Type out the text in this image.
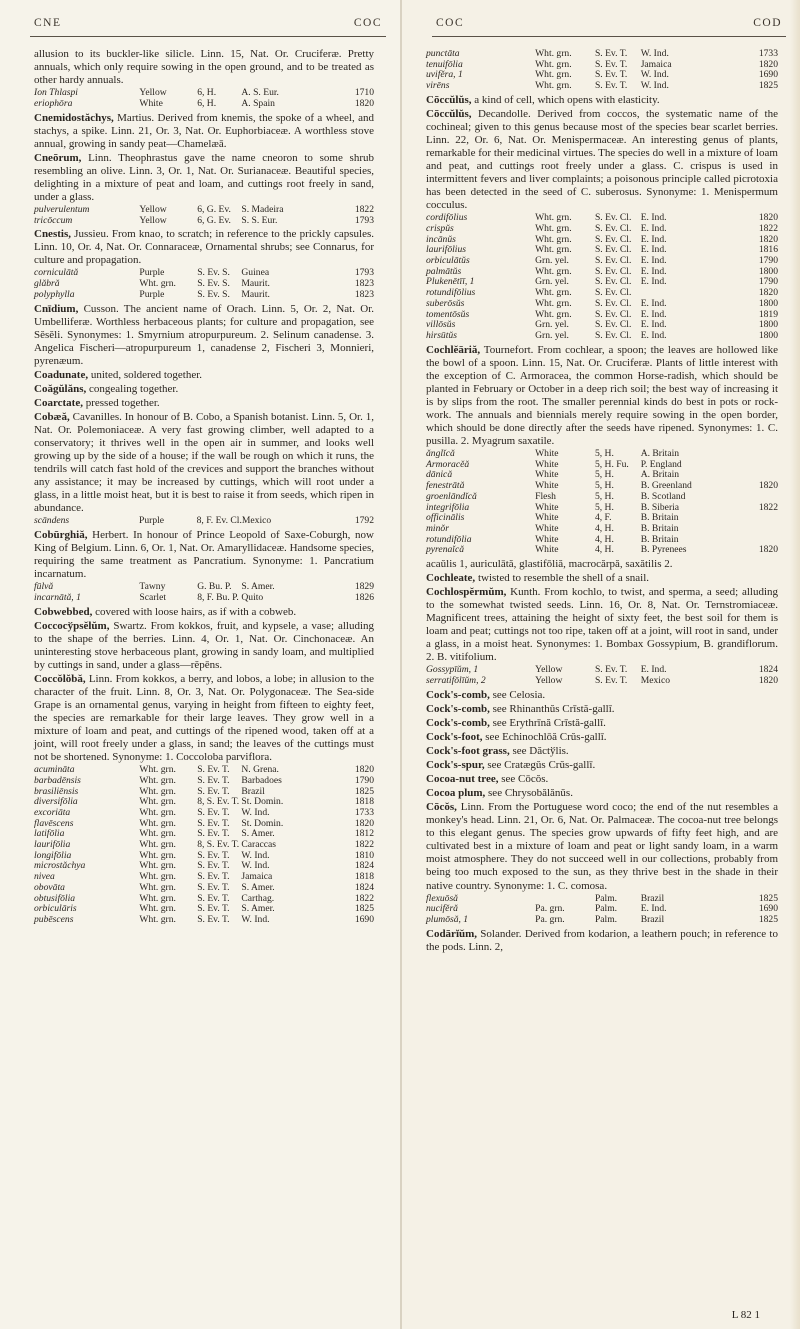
CNE	COC

allusion to its buckler-like silicle. Linn. 15, Nat. Or. Cruciferæ. Pretty annuals, which only require sowing in the open ground, and to be treated as other hardy annuals.

Ion Thlaspi	Yellow	6, H.	A. S. Eur.	1710
eriophōra	White	6, H.	A. Spain	1820

Cnemidostăchys, Martius. Derived from knemis, the spoke of a wheel, and stachys, a spike. Linn. 21, Or. 3, Nat. Or. Euphorbiaceæ. A worthless stove annual, growing in sandy peat—Chamelæā.

Cneōrum, Linn. Theophrastus gave the name cneoron to some shrub resembling an olive. Linn. 3, Or. 1, Nat. Or. Surianaceæ. Beautiful species, delighting in a mixture of peat and loam, and cuttings root freely in sand, under a glass.

pulverulentum	Yellow	6, G. Ev.	S. Madeira	1822
tricōccum	Yellow	6, G. Ev.	S. S. Eur.	1793

Cnestis, Jussieu. From knao, to scratch; in reference to the prickly capsules. Linn. 10, Or. 4, Nat. Or. Connaraceæ, Ornamental shrubs; see Connarus, for culture and propagation.

corniculātă	Purple	S. Ev. S.	Guinea	1793
glăbră	Wht. grn.	S. Ev. S.	Maurit.	1823
polyphylla	Purple	S. Ev. S.	Maurit.	1823

Cnīdium, Cusson. The ancient name of Orach. Linn. 5, Or. 2, Nat. Or. Umbelliferæ. Worthless herbaceous plants; for culture and propagation, see Sĕsĕli. Synonymes: 1. Smyrnium atropurpureum. 2. Selinum canadense. 3. Angelica Fischeri—atropurpureum 1, canadense 2, Fischeri 3, Monnieri, pyrenæum.

Coadunate, united, soldered together.

Coăgŭlăns, congealing together.

Coarctate, pressed together.

Cobæă, Cavanilles. In honour of B. Cobo, a Spanish botanist. Linn. 5, Or. 1, Nat. Or. Polemoniaceæ. A very fast growing climber, well adapted to a conservatory; it thrives well in the open air in summer, and looks well growing up by the side of a house; if the wall be rough on which it runs, the tendrils will catch fast hold of the crevices and support the branches without any assistance; it may be increased by cuttings, which will root under a glass, in a little moist heat, but it is best to raise it from seeds, which ripen in abundance.

scāndens	Purple	8, F. Ev. Cl.	Mexico	1792

Cobūrghiă, Herbert. In honour of Prince Leopold of Saxe-Coburgh, now King of Belgium. Linn. 6, Or. 1, Nat. Or. Amaryllidaceæ. Handsome species, requiring the same treatment as Pancratium. Synonyme: 1. Pancratium incarnatum.

fūlvă	Tawny	G. Bu. P.	S. Amer.	1829
incarnātă, 1	Scarlet	8, F. Bu. P.	Quito	1826

Cobwebbed, covered with loose hairs, as if with a cobweb.

Coccocўpsĕlŭm, Swartz. From kokkos, fruit, and kypsele, a vase; alluding to the shape of the berries. Linn. 4, Or. 1, Nat. Or. Cinchonaceæ. An uninteresting stove herbaceous plant, growing in sandy loam, and multiplied by cuttings in sand, under a glass—rĕpēns.

Coccŏlŏbă, Linn. From kokkos, a berry, and lobos, a lobe; in allusion to the character of the fruit. Linn. 8, Or. 3, Nat. Or. Polygonaceæ. The Sea-side Grape is an ornamental genus, varying in height from fifteen to eighty feet, the species are remarkable for their large leaves. They grow well in a mixture of loam and peat, and cuttings of the ripened wood, taken off at a joint, will root freely under a glass, in sand; the leaves of the cuttings must not be shortened. Synonyme: 1. Coccoloba parviflora.

acumināta	Wht. grn.	S. Ev. T.	N. Grena.	1820
barbadēnsis	Wht. grn.	S. Ev. T.	Barbadoes	1790
brasiliēnsis	Wht. grn.	S. Ev. T.	Brazil	1825
diversifōlia	Wht. grn.	8, S. Ev. T.	St. Domin.	1818
excoriāta	Wht. grn.	S. Ev. T.	W. Ind.	1733
flavēscens	Wht. grn.	S. Ev. T.	St. Domin.	1820
latifōlia	Wht. grn.	S. Ev. T.	S. Amer.	1812
laurifōlia	Wht. grn.	8, S. Ev. T.	Caraccas	1822
longifōlia	Wht. grn.	S. Ev. T.	W. Ind.	1810
microstăchya	Wht. grn.	S. Ev. T.	W. Ind.	1824
nivea	Wht. grn.	S. Ev. T.	Jamaica	1818
obovāta	Wht. grn.	S. Ev. T.	S. Amer.	1824
obtusifōlia	Wht. grn.	S. Ev. T.	Carthag.	1822
orbiculāris	Wht. grn.	S. Ev. T.	S. Amer.	1825
pubēscens	Wht. grn.	S. Ev. T.	W. Ind.	1690
COC	COD
punctāta	Wht. grn.	S. Ev. T.	W. Ind.	1733
tenuifōlia	Wht. grn.	S. Ev. T.	Jamaica	1820
uvifĕra, 1	Wht. grn.	S. Ev. T.	W. Ind.	1690
virēns	Wht. grn.	S. Ev. T.	W. Ind.	1825

Cōccŭlŭs, a kind of cell, which opens with elasticity.

Cōccŭlŭs, Decandolle. Derived from coccos, the systematic name of the cochineal; given to this genus because most of the species bear scarlet berries. Linn. 22, Or. 6, Nat. Or. Menispermaceæ. An interesting genus of plants, remarkable for their medicinal virtues. The species do well in a mixture of loam and peat, and cuttings root freely under a glass. C. crispus is used in intermittent fevers and liver complaints; a poisonous principle called picrotoxia has been detected in the seed of C. suberosus. Synonyme: 1. Menispermum cocculus.

cordifōlius	Wht. grn.	S. Ev. Cl.	E. Ind.	1820
crispŭs	Wht. grn.	S. Ev. Cl.	E. Ind.	1822
incānŭs	Wht. grn.	S. Ev. Cl.	E. Ind.	1820
laurifōlius	Wht. grn.	S. Ev. Cl.	E. Ind.	1816
orbiculātŭs	Grn. yel.	S. Ev. Cl.	E. Ind.	1790
palmātŭs	Wht. grn.	S. Ev. Cl.	E. Ind.	1800
Plukenētīī, 1	Grn. yel.	S. Ev. Cl.	E. Ind.	1790
rotundifōlius	Wht. grn.	S. Ev. Cl.		1820
suberōsŭs	Wht. grn.	S. Ev. Cl.	E. Ind.	1800
tomentōsŭs	Wht. grn.	S. Ev. Cl.	E. Ind.	1819
villōsŭs	Grn. yel.	S. Ev. Cl.	E. Ind.	1800
hirsūtŭs	Grn. yel.	S. Ev. Cl.	E. Ind.	1800

Cochlĕāriă, Tournefort. From cochlear, a spoon; the leaves are hollowed like the bowl of a spoon. Linn. 15, Nat. Or. Cruciferæ. Plants of little interest with the exception of C. Armoracea, the common Horse-radish, which should be planted in February or October in a deep rich soil; the best way of increasing it is by slips from the root. The smaller perennial kinds do best in pots or rock-work. The annuals and biennials merely require sowing in the open border, which should be done directly after the seeds have ripened. Synonymes: 1. C. pusilla. 2. Myagrum saxatile.

ănglĭcă	White	5, H.	A. Britain	
Armoracĕă	White	5, H. Fu.	P. England	
dānică	White	5, H.	A. Britain	
fenestrātă	White	5, H.	B. Greenland	1820
groenlāndĭcă	Flesh	5, H.	B. Scotland	
integrifōlia	White	5, H.	B. Siberia	1822
officinālis	White	4, F.	B. Britain	
minŏr	White	4, H.	B. Britain	
rotundifōlia	White	4, H.	B. Britain	
pyrenaĭcă	White	4, H.	B. Pyrenees	1820

acaŭlis 1, auriculātă, glastifōliă, macrocărpă, saxătilis 2.

Cochleate, twisted to resemble the shell of a snail.

Cochlospĕrmŭm, Kunth. From kochlo, to twist, and sperma, a seed; alluding to the somewhat twisted seeds. Linn. 16, Or. 8, Nat. Or. Ternstromiaceæ. Magnificent trees, attaining the height of sixty feet, the best soil for them is loam and peat; cuttings not too ripe, taken off at a joint, will root in sand, under a glass, in a moist heat. Synonymes: 1. Bombax Gossypium, B. grandiflorum. 2. B. vitifolium.

Gossypīŭm, 1	Yellow	S. Ev. T.	E. Ind.	1824
serratifōlīŭm, 2	Yellow	S. Ev. T.	Mexico	1820

Cock's-comb, see Celosia.

Cock's-comb, see Rhinanthŭs Crīstă-gallī.

Cock's-comb, see Erythrīnă Crīstă-gallī.

Cock's-foot, see Echinochlōă Crŭs-gallī.

Cock's-foot grass, see Dăctўlis.

Cock's-spur, see Cratægŭs Crŭs-gallī.

Cocoa-nut tree, see Cōcŏs.

Cocoa plum, see Chrysobălănŭs.

Cōcŏs, Linn. From the Portuguese word coco; the end of the nut resembles a monkey's head. Linn. 21, Or. 6, Nat. Or. Palmaceæ. The cocoa-nut tree belongs to this elegant genus. The species grow upwards of fifty feet high, and are cultivated best in a mixture of loam and peat or light sandy loam, in a warm moist atmosphere. They do not succeed well in our collections, probably from being too much exposed to the sun, as they thrive best in the shade in their native country. Synonyme: 1. C. comosa.

flexuōsă		Palm.	Brazil	1825
nucifĕră	Pa. grn.	Palm.	E. Ind.	1690
plumōsă, 1	Pa. grn.	Palm.	Brazil	1825

Codārĭŭm, Solander. Derived from kodarion, a leathern pouch; in reference to the pods. Linn. 2,

L 82 1
